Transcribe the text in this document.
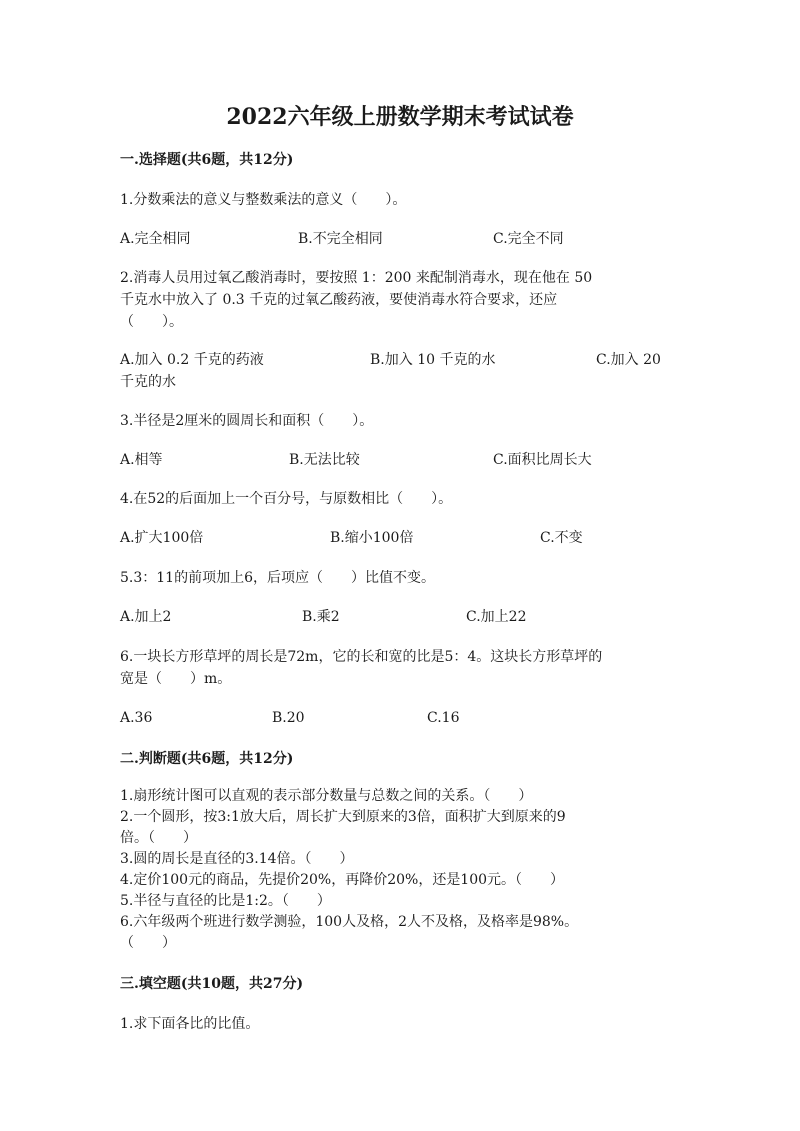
2022六年级上册数学期末考试试卷
一.选择题(共6题，共12分)
1.分数乘法的意义与整数乘法的意义（　　）。
A.完全相同	B.不完全相同	C.完全不同
2.消毒人员用过氧乙酸消毒时，要按照 1：200 来配制消毒水，现在他在 50
千克水中放入了 0.3 千克的过氧乙酸药液，要使消毒水符合要求，还应
（　　）。
A.加入 0.2 千克的药液	B.加入 10 千克的水	C.加入 20
千克的水
3.半径是2厘米的圆周长和面积（　　）。
A.相等	B.无法比较	C.面积比周长大
4.在52的后面加上一个百分号，与原数相比（　　）。
A.扩大100倍	B.缩小100倍	C.不变
5.3：11的前项加上6，后项应（　　）比值不变。
A.加上2	B.乘2	C.加上22
6.一块长方形草坪的周长是72m，它的长和宽的比是5：4。这块长方形草坪的
宽是（　　）m。
A.36	B.20	C.16
二.判断题(共6题，共12分)
1.扇形统计图可以直观的表示部分数量与总数之间的关系。（　　）
2.一个圆形，按3:1放大后，周长扩大到原来的3倍，面积扩大到原来的9
倍。（　　）
3.圆的周长是直径的3.14倍。（　　）
4.定价100元的商品，先提价20%，再降价20%，还是100元。（　　）
5.半径与直径的比是1:2。（　　）
6.六年级两个班进行数学测验，100人及格，2人不及格，及格率是98%。
（　　）
三.填空题(共10题，共27分)
1.求下面各比的比值。
